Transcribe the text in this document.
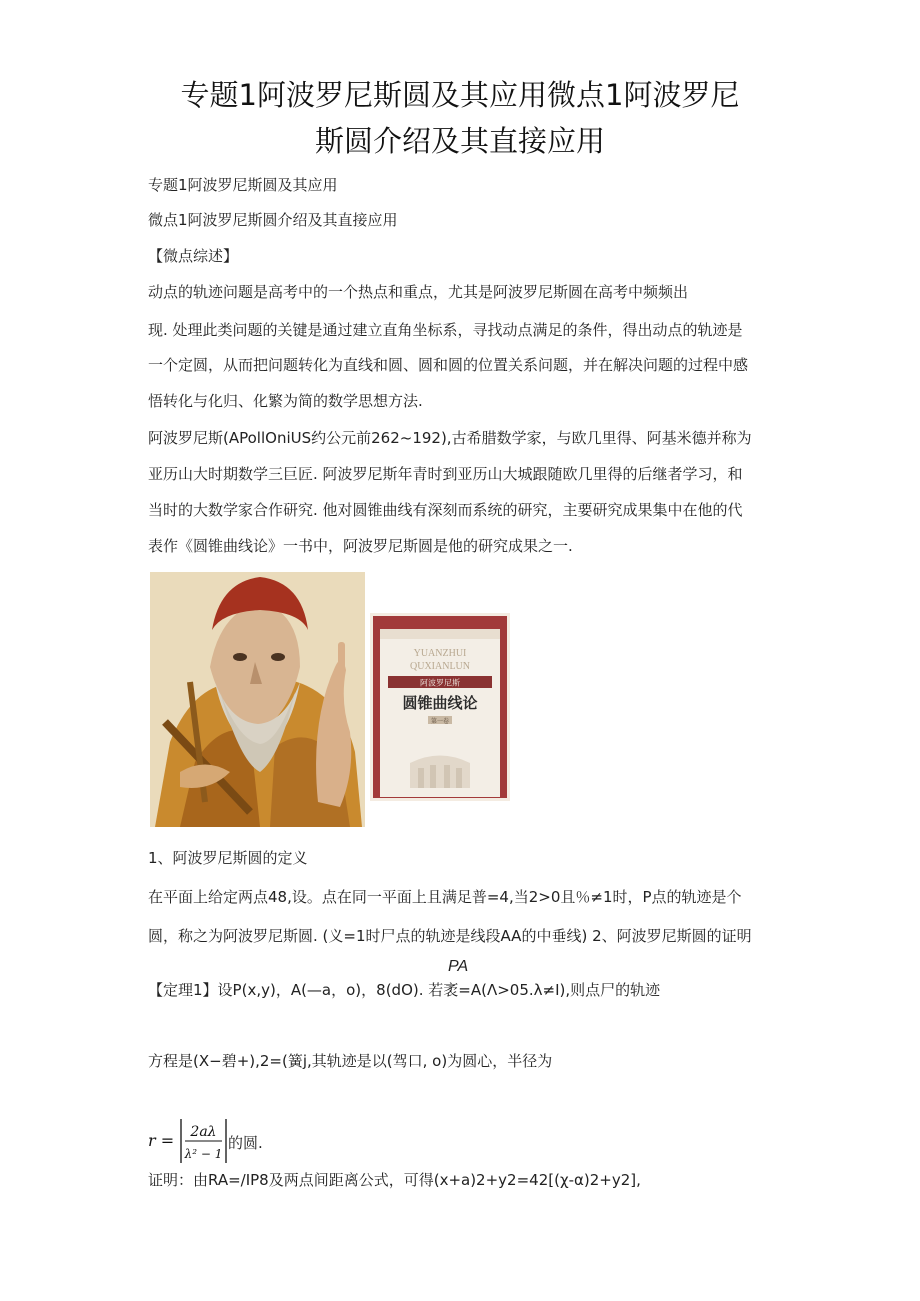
专题1阿波罗尼斯圆及其应用微点1阿波罗尼
斯圆介绍及其直接应用
专题1阿波罗尼斯圆及其应用
微点1阿波罗尼斯圆介绍及其直接应用
【微点综述】
动点的轨迹问题是高考中的一个热点和重点，尤其是阿波罗尼斯圆在高考中频频出
现. 处理此类问题的关键是通过建立直角坐标系，寻找动点满足的条件，得出动点的轨迹是
一个定圆，从而把问题转化为直线和圆、圆和圆的位置关系问题，并在解决问题的过程中感
悟转化与化归、化繁为简的数学思想方法.
阿波罗尼斯(APollOniUS约公元前262~192),古希腊数学家，与欧几里得、阿基米德并称为
亚历山大时期数学三巨匠. 阿波罗尼斯年青时到亚历山大城跟随欧几里得的后继者学习，和
当时的大数学家合作研究. 他对圆锥曲线有深刻而系统的研究，主要研究成果集中在他的代
表作《圆锥曲线论》一书中，阿波罗尼斯圆是他的研究成果之一.
YUANZHUI
QUXIANLUN
阿波罗尼斯
圆锥曲线论
第一卷
1、阿波罗尼斯圆的定义
在平面上给定两点48,设。点在同一平面上且满足普=4,当2>0且％≠1时，P点的轨迹是个
圆，称之为阿波罗尼斯圆. (义=1时尸点的轨迹是线段AA的中垂线) 2、阿波罗尼斯圆的证明
PA
【定理1】设P(x,y)，A(—a，o)，8(dO). 若袤=A(Λ>05.λ≠I),则点尸的轨迹
方程是(X−碧+),2=(簧j,其轨迹是以(驾口, o)为圆心，半径为
r = 2aλ
λ² − 1
的圆.
证明：由RA=/IP8及两点间距离公式，可得(x+a)2+y2=42[(χ-α)2+y2],
